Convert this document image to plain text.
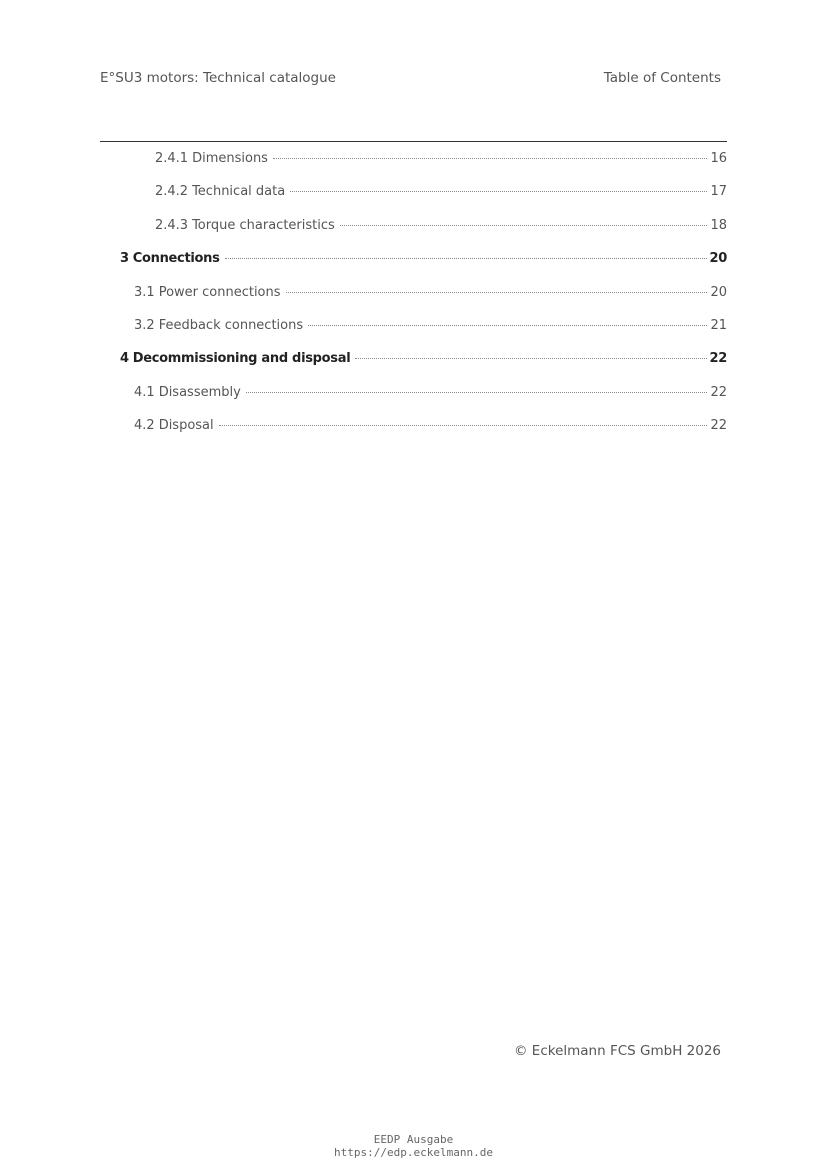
E°SU3 motors: Technical catalogue	Table of Contents
2.4.1 Dimensions	16
2.4.2 Technical data	17
2.4.3 Torque characteristics	18
3 Connections	20
3.1 Power connections	20
3.2 Feedback connections	21
4 Decommissioning and disposal	22
4.1 Disassembly	22
4.2 Disposal	22
© Eckelmann FCS GmbH 2026
EEDP Ausgabe
https://edp.eckelmann.de
